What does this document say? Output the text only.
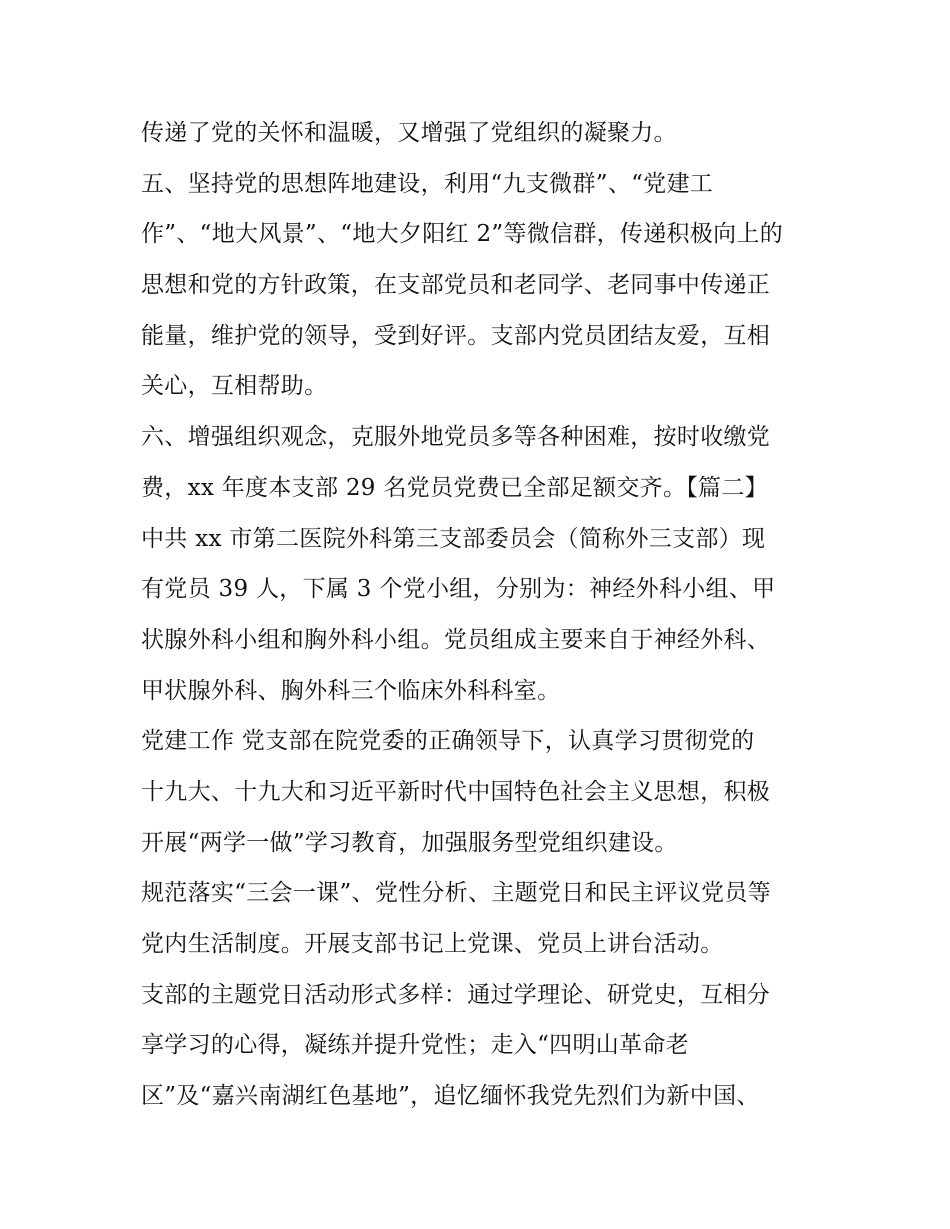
传递了党的关怀和温暖，又增强了党组织的凝聚力。
五、坚持党的思想阵地建设，利用“九支微群”、“党建工
作”、“地大风景”、“地大夕阳红 2”等微信群，传递积极向上的
思想和党的方针政策，在支部党员和老同学、老同事中传递正
能量，维护党的领导，受到好评。支部内党员团结友爱，互相
关心，互相帮助。
六、增强组织观念，克服外地党员多等各种困难，按时收缴党
费，xx 年度本支部 29 名党员党费已全部足额交齐。【篇二】
中共 xx 市第二医院外科第三支部委员会（简称外三支部）现
有党员 39 人，下属 3 个党小组，分别为：神经外科小组、甲
状腺外科小组和胸外科小组。党员组成主要来自于神经外科、
甲状腺外科、胸外科三个临床外科科室。
党建工作 党支部在院党委的正确领导下，认真学习贯彻党的
十九大、十九大和习近平新时代中国特色社会主义思想，积极
开展“两学一做”学习教育，加强服务型党组织建设。
规范落实“三会一课”、党性分析、主题党日和民主评议党员等
党内生活制度。开展支部书记上党课、党员上讲台活动。
支部的主题党日活动形式多样：通过学理论、研党史，互相分
享学习的心得，凝练并提升党性；走入“四明山革命老
区”及“嘉兴南湖红色基地”，追忆缅怀我党先烈们为新中国、
